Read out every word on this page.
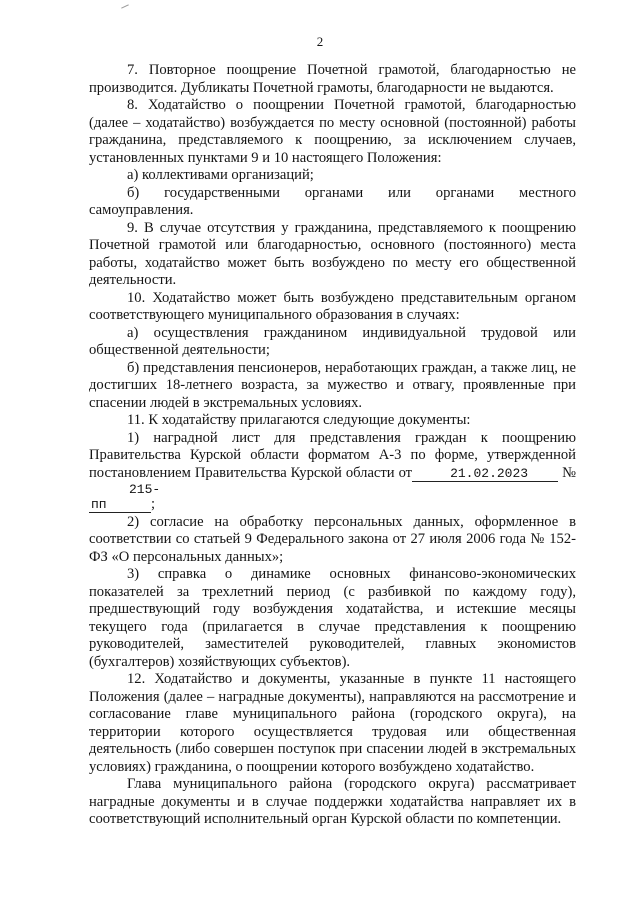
2

7. Повторное поощрение Почетной грамотой, благодарностью не производится. Дубликаты Почетной грамоты, благодарности не выдаются.

8. Ходатайство о поощрении Почетной грамотой, благодарностью (далее – ходатайство) возбуждается по месту основной (постоянной) работы гражданина, представляемого к поощрению, за исключением случаев, установленных пунктами 9 и 10 настоящего Положения:

а) коллективами организаций;

б) государственными органами или органами местного самоуправления.

9. В случае отсутствия у гражданина, представляемого к поощрению Почетной грамотой или благодарностью, основного (постоянного) места работы, ходатайство может быть возбуждено по месту его общественной деятельности.

10. Ходатайство может быть возбуждено представительным органом соответствующего муниципального образования в случаях:

а) осуществления гражданином индивидуальной трудовой или общественной деятельности;

б) представления пенсионеров, неработающих граждан, а также лиц, не достигших 18-летнего возраста, за мужество и отвагу, проявленные при спасении людей в экстремальных условиях.

11. К ходатайству прилагаются следующие документы:

1) наградной лист для представления граждан к поощрению Правительства Курской области форматом А-3 по форме, утвержденной постановлением Правительства Курской области от	21.02.2023 № 215-пп	;

2) согласие на обработку персональных данных, оформленное в соответствии со статьей 9 Федерального закона от 27 июля 2006 года № 152-ФЗ «О персональных данных»;

3) справка о динамике основных финансово-экономических показателей за трехлетний период (с разбивкой по каждому году), предшествующий году возбуждения ходатайства, и истекшие месяцы текущего года (прилагается в случае представления к поощрению руководителей, заместителей руководителей, главных экономистов (бухгалтеров) хозяйствующих субъектов).

12. Ходатайство и документы, указанные в пункте 11 настоящего Положения (далее – наградные документы), направляются на рассмотрение и согласование главе муниципального района (городского округа), на территории которого осуществляется трудовая или общественная деятельность (либо совершен поступок при спасении людей в экстремальных условиях) гражданина, о поощрении которого возбуждено ходатайство.

Глава муниципального района (городского округа) рассматривает наградные документы и в случае поддержки ходатайства направляет их в соответствующий исполнительный орган Курской области по компетенции.
